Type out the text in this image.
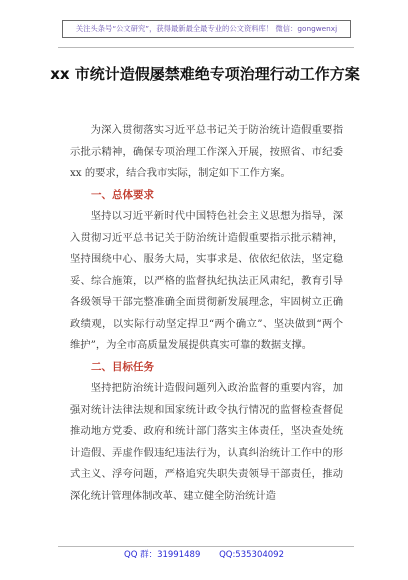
关注头条号“公文研究”，获得最新最全最专业的公文资料库！ 微信：gongwenxj
xx 市统计造假屡禁难绝专项治理行动工作方案

为深入贯彻落实习近平总书记关于防治统计造假重要指示批示精神，确保专项治理工作深入开展，按照省、市纪委 xx 的要求，结合我市实际，制定如下工作方案。

一、总体要求

坚持以习近平新时代中国特色社会主义思想为指导，深入贯彻习近平总书记关于防治统计造假重要指示批示精神，坚持围绕中心、服务大局，实事求是、依依纪依法，坚定稳妥、综合施策，以严格的监督执纪执法正风肃纪，教育引导各级领导干部完整准确全面贯彻新发展理念，牢固树立正确政绩观，以实际行动坚定捍卫“两个确立”、坚决做到“两个维护”，为全市高质量发展提供真实可靠的数据支撑。

二、目标任务

坚持把防治统计造假问题列入政治监督的重要内容，加强对统计法律法规和国家统计政令执行情况的监督检查督促推动地方党委、政府和统计部门落实主体责任，坚决查处统计造假、弄虚作假违纪违法行为，认真纠治统计工作中的形式主义、浮夸问题，严格追究失职失责领导干部责任，推动深化统计管理体制改革、建立健全防治统计造

QQ 群：31991489 QQ:535304092
